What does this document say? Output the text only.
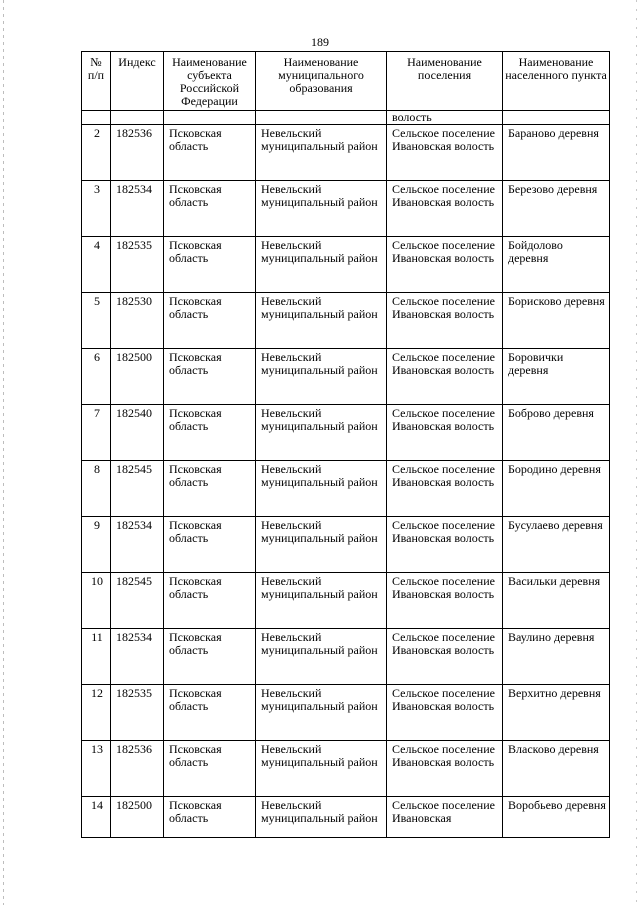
189
№ п/п	Индекс	Наименование субъекта Российской Федерации	Наименование муниципального образования	Наименование поселения	Наименование населенного пункта
				волость	
2	182536	Псковская область	Невельский муниципальный район	Сельское поселение Ивановская волость	Бараново деревня
3	182534	Псковская область	Невельский муниципальный район	Сельское поселение Ивановская волость	Березово деревня
4	182535	Псковская область	Невельский муниципальный район	Сельское поселение Ивановская волость	Бойдолово деревня
5	182530	Псковская область	Невельский муниципальный район	Сельское поселение Ивановская волость	Борисково деревня
6	182500	Псковская область	Невельский муниципальный район	Сельское поселение Ивановская волость	Боровички деревня
7	182540	Псковская область	Невельский муниципальный район	Сельское поселение Ивановская волость	Боброво деревня
8	182545	Псковская область	Невельский муниципальный район	Сельское поселение Ивановская волость	Бородино деревня
9	182534	Псковская область	Невельский муниципальный район	Сельское поселение Ивановская волость	Бусулаево деревня
10	182545	Псковская область	Невельский муниципальный район	Сельское поселение Ивановская волость	Васильки деревня
11	182534	Псковская область	Невельский муниципальный район	Сельское поселение Ивановская волость	Ваулино деревня
12	182535	Псковская область	Невельский муниципальный район	Сельское поселение Ивановская волость	Верхитно деревня
13	182536	Псковская область	Невельский муниципальный район	Сельское поселение Ивановская волость	Власково деревня
14	182500	Псковская область	Невельский муниципальный район	Сельское поселение Ивановская	Воробьево деревня
